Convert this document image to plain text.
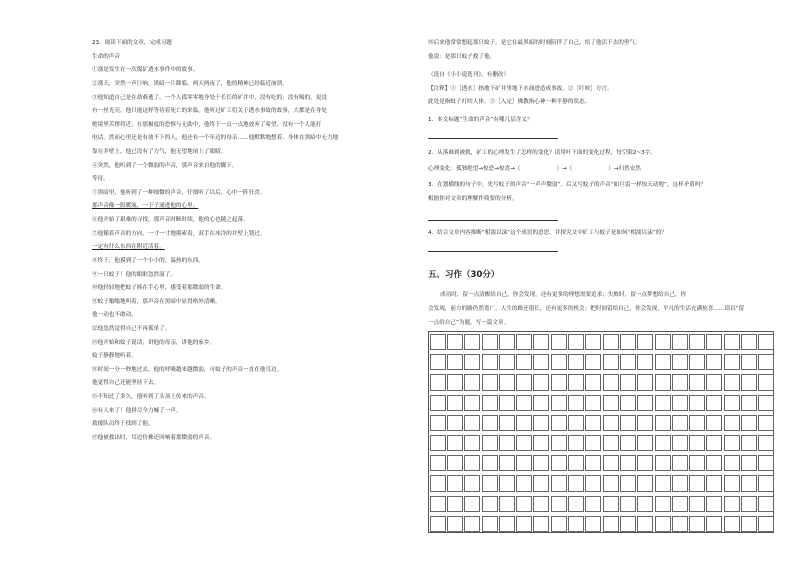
23．阅读下面的文章，完成习题
生命的声音
①那是发生在一次煤矿透水事件中的故事。
②那天，突然一声巨响，黑暗一片降临。两天两夜了，他的精神已经临近崩溃。
③他知道自己是在劫难逃了。一个人孤零零地身处于长长的矿井中，没有吃的，没有喝的，更没
有一丝光亮，他只能这样等待着死亡的来临。他听过矿工们关于透水事故的故事，大都是在身处
绝境里苦撑将近；在那极度的恐惧与无助中，他终于一点一点地放弃了希望。没有一个人能打
电话。然而心里还是有放不下的人，他还有一个年迈的母亲……他默默地想着，身体在黑暗中无力地
靠在井壁上，他已没有了力气，他无望地闭上了眼睛。
④突然，他听到了一个微弱的声音，那声音来自他的脚下。
等待。
⑤黑暗里，他听到了一种细微的声音，仔细听了以后，心中一阵狂喜。
那声音像一股暖流，一下子涌进他的心里。
⑥他开始了艰难的寻找，那声音时断时续，他的心也随之起落。
⑦他循着声音的方向，一寸一寸地摸索着，双手在冰冷的井壁上划过。
一定有什么东西在附近活着。
⑧终于，他摸到了一个小小的、温热的东西。
⑨一只蚊子！他的眼眶忽然湿了。
⑩他轻轻地把蚊子捧在手心里，感受着那微弱的生命。
⑪蚊子嗡嗡地叫着，那声音在黑暗中显得格外清晰。
他一动也不敢动。
⑫他忽然觉得自己不再孤单了。
⑬他开始和蚊子说话，讲他的母亲，讲他的家乡。
蚊子静静地听着。
⑭时间一分一秒地过去，他的呼吸越来越微弱，可蚊子的声音一直在他耳边。
他觉得自己还能坚持下去。
⑮不知过了多久，他听到了头顶上传来的声音。
⑯有人来了！他拼尽全力喊了一声。
救援队员终于找到了他。
⑰他被救出时，耳边仿佛还回响着那微弱的声音。
⑱后来他常常想起那只蚊子，是它在最黑暗的时刻陪伴了自己，给了他活下去的勇气。
他说：是那只蚊子救了他。
（选自《小小说选刊》，有删改）
【注释】①［透水］指地下矿井里地下水涌进造成事故。②［叮咬］方言。
此处是指蚊子叮咬人体。③［入定］佛教指心神一种平静的状态。
1．本文标题“生命的声音”有哪几层含义？
2．从落难到被救，矿工的心理发生了怎样的变化？请用叶下面的变化过程，每空限2~3字。
心理变化：孤独绝望→惊恐→惊喜→（	）→（	）→归然安然
3．在划横线的句子中，先写蚊子的声音“一声声微弱”，后又写蚊子的声音“如巨雷一样惊天动地”，这样矛盾吗？
根据你对文章的理解作简要的分析。
4．结合文章内容推断“相濡以沫”这个成语的意思，并探究文中矿工与蚊子是如何“相濡以沫”的？
五、习作（30分）
成功时，留一点清醒给自己，你会发现，还有更多的理想需要追求；失败时，留一点梦想给自己，你
会发现，前方的路仍然宽广，人生的路还很长，还有更多的机会；把时间留给自己，你会发现，平凡的生活充满惊喜……请以“留
一点给自己”为题，写一篇文章。
